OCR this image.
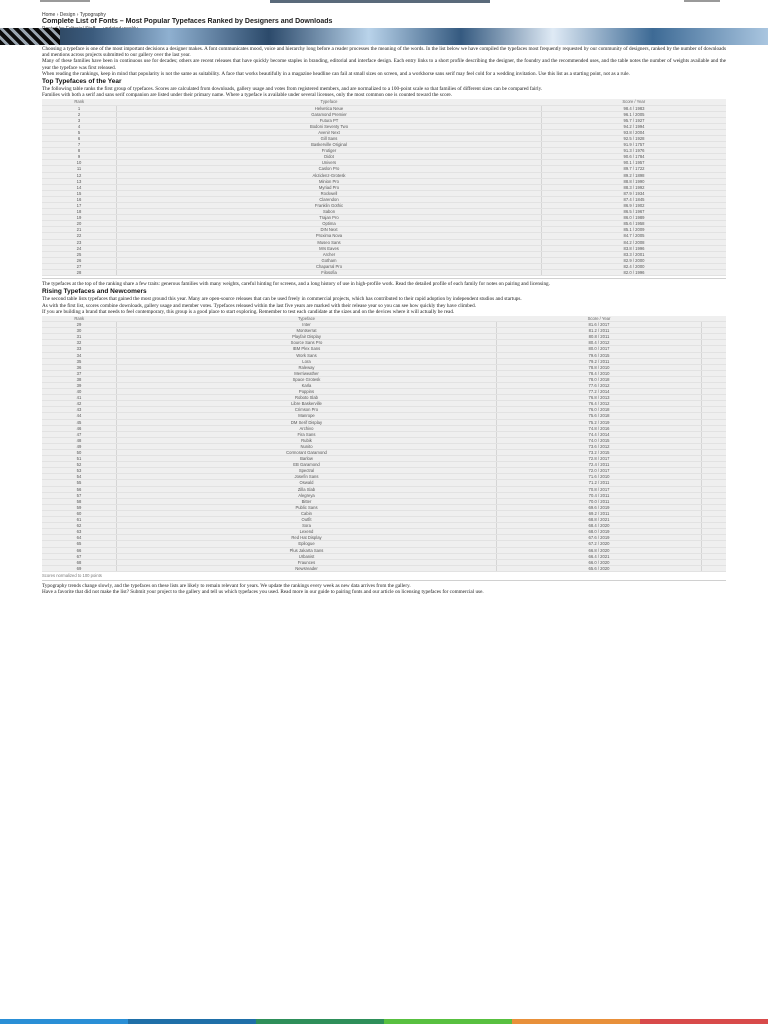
Home › Design › Typography
Complete List of Fonts – Most Popular Typefaces Ranked by Designers and Downloads

Choosing a typeface is one of the most important decisions a designer makes. A font communicates mood, voice and hierarchy long before a reader processes the meaning of the words. In the list below we have compiled the typefaces most frequently requested by our community of designers, ranked by the number of downloads and mentions across projects submitted to our gallery over the last year.

Many of these families have been in continuous use for decades; others are recent releases that have quickly become staples in branding, editorial and interface design. Each entry links to a short profile describing the designer, the foundry and the recommended uses, and the table notes the number of weights available and the year the typeface was first released.

When reading the rankings, keep in mind that popularity is not the same as suitability. A face that works beautifully in a magazine headline can fail at small sizes on screen, and a workhorse sans serif may feel cold for a wedding invitation. Use this list as a starting point, not as a rule.

Top Typefaces of the Year

The following table ranks the first group of typefaces. Scores are calculated from downloads, gallery usage and votes from registered members, and are normalized to a 100-point scale so that families of different sizes can be compared fairly.

Families with both a serif and sans serif companion are listed under their primary name. Where a typeface is available under several licenses, only the most common one is counted toward the score.

Rank	Typeface	Score / Year
1	Helvetica Neue	98.4 / 1983
2	Garamond Premier	96.1 / 2005
3	Futura PT	95.7 / 1927
4	Bodoni Seventy Two	94.2 / 1994
5	Avenir Next	93.8 / 2004
6	Gill Sans	92.5 / 1928
7	Baskerville Original	91.9 / 1757
8	Frutiger	91.3 / 1976
9	Didot	90.6 / 1784
10	Univers	90.1 / 1957
11	Caslon Pro	89.7 / 1722
12	Akzidenz-Grotesk	89.2 / 1898
13	Minion Pro	88.8 / 1990
14	Myriad Pro	88.3 / 1992
15	Rockwell	87.9 / 1934
16	Clarendon	87.4 / 1845
17	Franklin Gothic	86.9 / 1902
18	Sabon	86.5 / 1967
19	Trajan Pro	86.0 / 1989
20	Optima	85.6 / 1958
21	DIN Next	85.1 / 2009
22	Proxima Nova	84.7 / 2005
23	Museo Sans	84.2 / 2008
24	Mrs Eaves	83.8 / 1996
25	Archer	83.3 / 2001
26	Gotham	82.9 / 2000
27	Chaparral Pro	82.4 / 2000
28	Filosofia	82.0 / 1996

The typefaces at the top of the ranking share a few traits: generous families with many weights, careful hinting for screens, and a long history of use in high-profile work. Read the detailed profile of each family for notes on pairing and licensing.

Rising Typefaces and Newcomers

The second table lists typefaces that gained the most ground this year. Many are open-source releases that can be used freely in commercial projects, which has contributed to their rapid adoption by independent studios and startups.

As with the first list, scores combine downloads, gallery usage and member votes. Typefaces released within the last five years are marked with their release year so you can see how quickly they have climbed.

If you are building a brand that needs to feel contemporary, this group is a good place to start exploring. Remember to test each candidate at the sizes and on the devices where it will actually be read.

Rank	Typeface	Score / Year	
29	Inter	81.6 / 2017	
30	Montserrat	81.2 / 2011	
31	Playfair Display	80.8 / 2011	
32	Source Sans Pro	80.4 / 2012	
33	IBM Plex Sans	80.0 / 2017	
34	Work Sans	79.6 / 2015	
35	Lora	79.2 / 2011	
36	Raleway	78.8 / 2010	
37	Merriweather	78.4 / 2010	
38	Space Grotesk	78.0 / 2018	
39	Karla	77.6 / 2012	
40	Poppins	77.2 / 2014	
41	Roboto Slab	76.8 / 2013	
42	Libre Baskerville	76.4 / 2012	
43	Crimson Pro	76.0 / 2018	
44	Manrope	75.6 / 2018	
45	DM Serif Display	75.2 / 2019	
46	Archivo	74.8 / 2016	
47	Fira Sans	74.4 / 2014	
48	Rubik	74.0 / 2015	
49	Nunito	73.6 / 2012	
50	Cormorant Garamond	73.2 / 2015	
51	Barlow	72.8 / 2017	
52	EB Garamond	72.4 / 2011	
53	Spectral	72.0 / 2017	
54	Josefin Sans	71.6 / 2010	
55	Oswald	71.2 / 2011	
56	Zilla Slab	70.8 / 2017	
57	Alegreya	70.4 / 2011	
58	Bitter	70.0 / 2011	
59	Public Sans	69.6 / 2019	
60	Cabin	69.2 / 2011	
61	Outfit	68.8 / 2021	
62	Sora	68.4 / 2020	
63	Lexend	68.0 / 2019	
64	Red Hat Display	67.6 / 2019	
65	Epilogue	67.2 / 2020	
66	Plus Jakarta Sans	66.8 / 2020	
67	Urbanist	66.4 / 2021	
68	Fraunces	66.0 / 2020	
69	Newsreader	65.6 / 2020	
Scores normalized to 100 points

Typography trends change slowly, and the typefaces on these lists are likely to remain relevant for years. We update the rankings every week as new data arrives from the gallery.

Have a favorite that did not make the list? Submit your project to the gallery and tell us which typefaces you used. Read more in our guide to pairing fonts and our article on licensing typefaces for commercial use.
